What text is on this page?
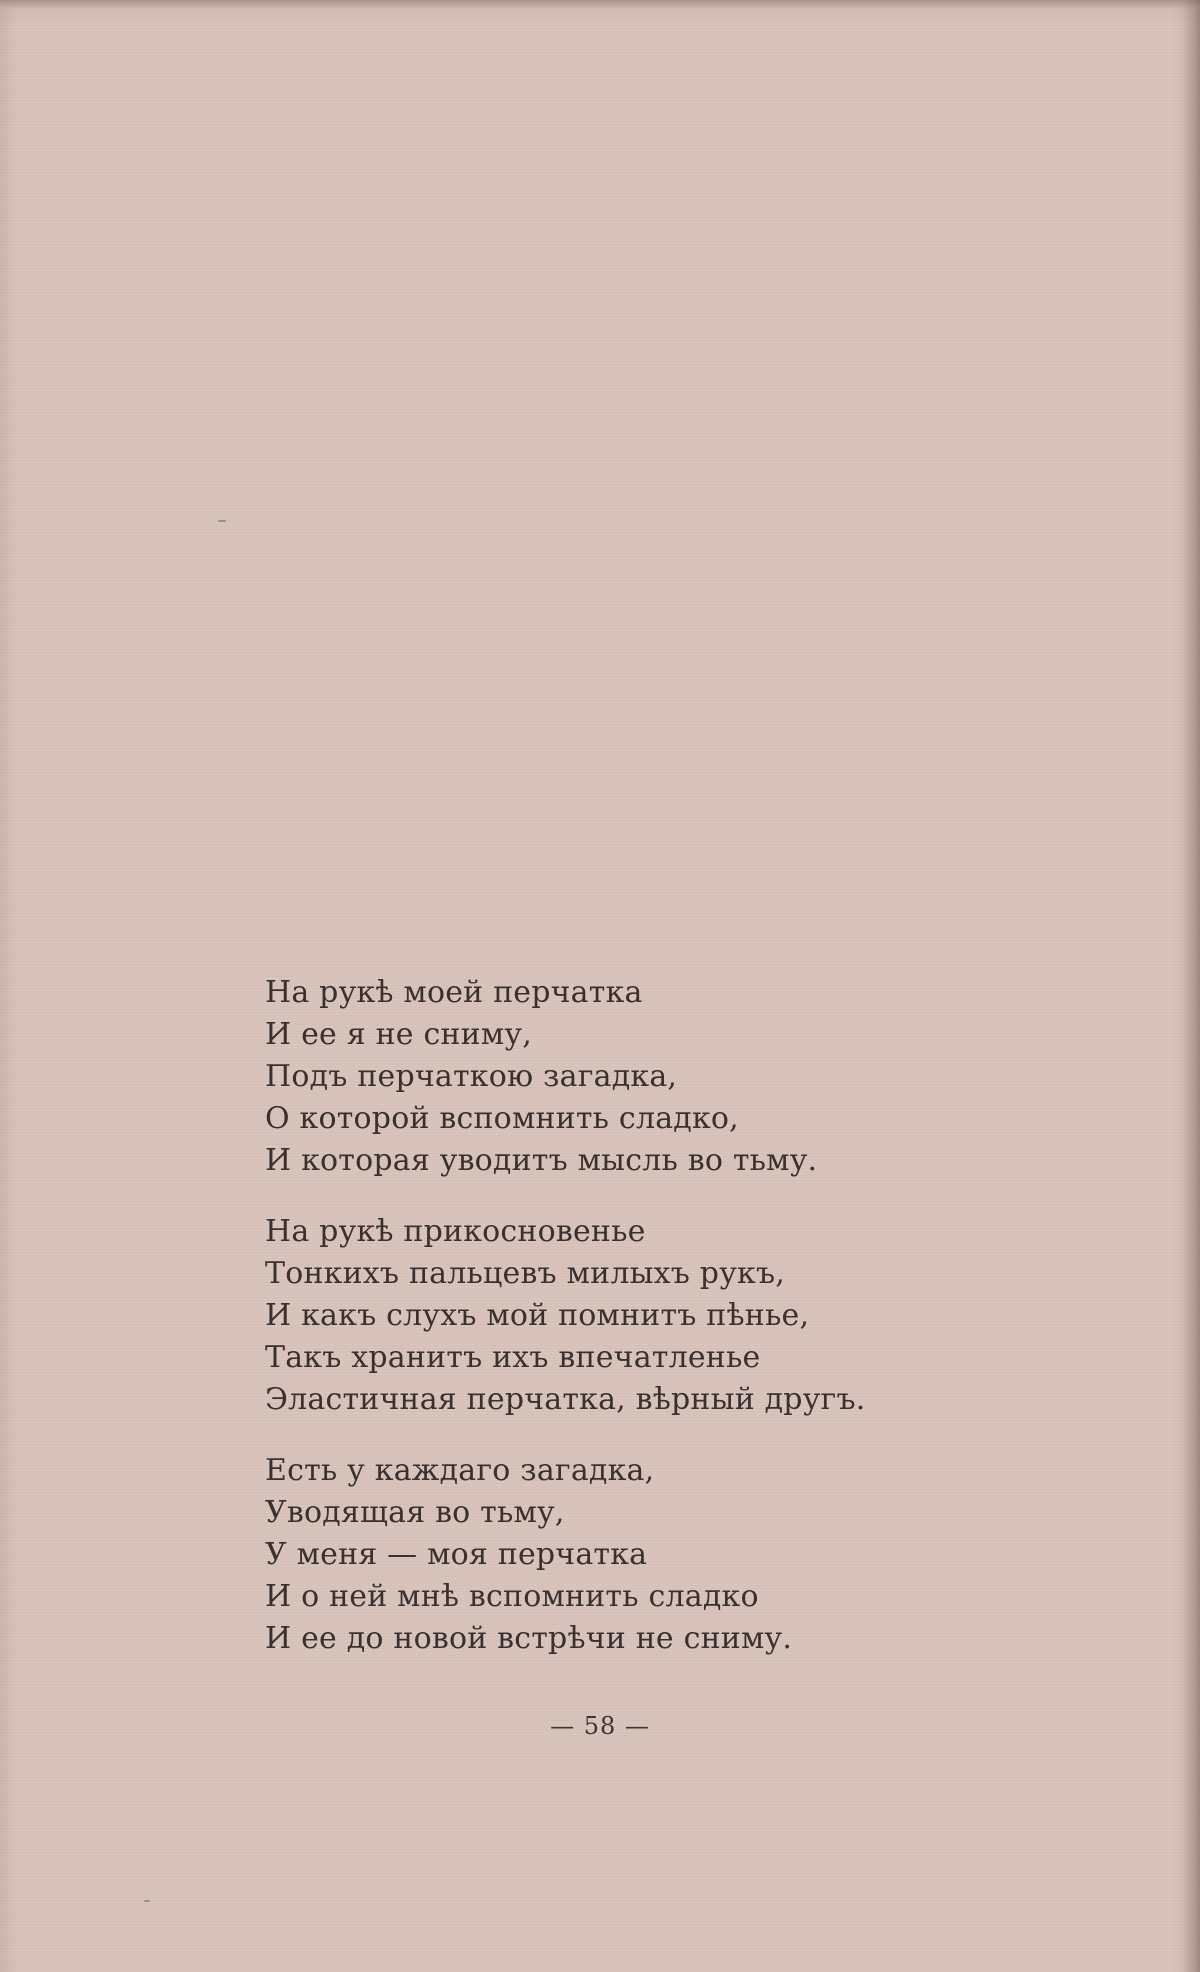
На рукѣ моей перчатка
И ее я не сниму,
Подъ перчаткою загадка,
О которой вспомнить сладко,
И которая уводитъ мысль во тьму.
На рукѣ прикосновенье
Тонкихъ пальцевъ милыхъ рукъ,
И какъ слухъ мой помнитъ пѣнье,
Такъ хранитъ ихъ впечатленье
Эластичная перчатка, вѣрный другъ.
Есть у каждаго загадка,
Уводящая во тьму,
У меня — моя перчатка
И о ней мнѣ вспомнить сладко
И ее до новой встрѣчи не сниму.
— 58 —
